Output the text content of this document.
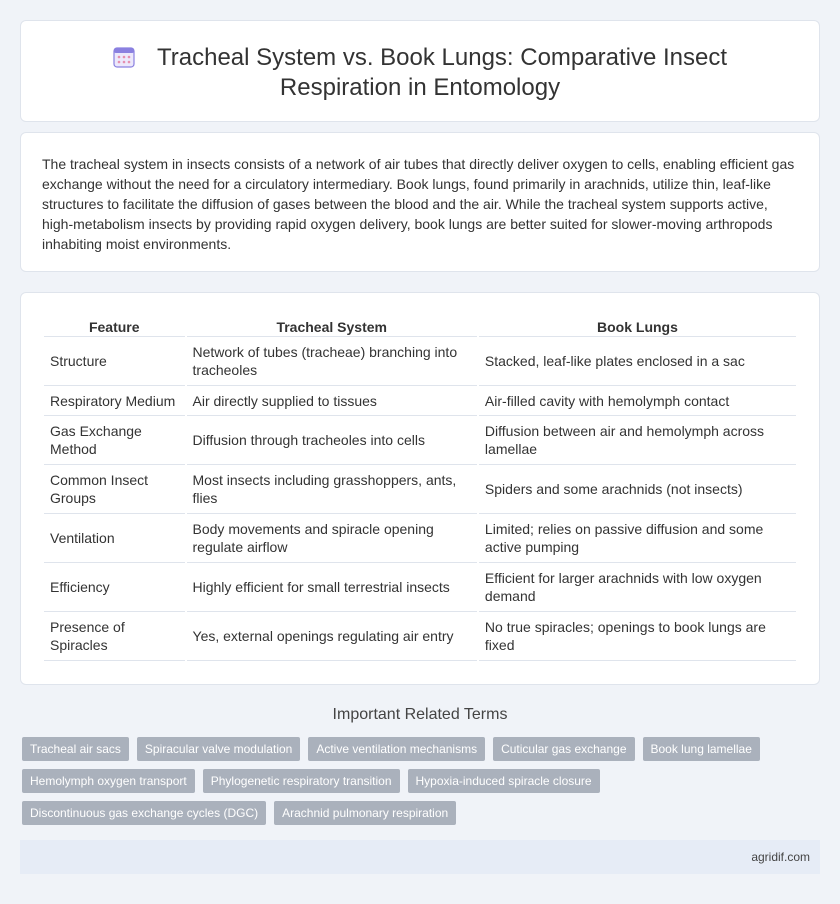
Tracheal System vs. Book Lungs: Comparative Insect Respiration in Entomology

The tracheal system in insects consists of a network of air tubes that directly deliver oxygen to cells, enabling efficient gas exchange without the need for a circulatory intermediary. Book lungs, found primarily in arachnids, utilize thin, leaf-like structures to facilitate the diffusion of gases between the blood and the air. While the tracheal system supports active, high-metabolism insects by providing rapid oxygen delivery, book lungs are better suited for slower-moving arthropods inhabiting moist environments.

Feature	Tracheal System	Book Lungs
Structure	Network of tubes (tracheae) branching into tracheoles	Stacked, leaf-like plates enclosed in a sac
Respiratory Medium	Air directly supplied to tissues	Air-filled cavity with hemolymph contact
Gas Exchange Method	Diffusion through tracheoles into cells	Diffusion between air and hemolymph across lamellae
Common Insect Groups	Most insects including grasshoppers, ants, flies	Spiders and some arachnids (not insects)
Ventilation	Body movements and spiracle opening regulate airflow	Limited; relies on passive diffusion and some active pumping
Efficiency	Highly efficient for small terrestrial insects	Efficient for larger arachnids with low oxygen demand
Presence of Spiracles	Yes, external openings regulating air entry	No true spiracles; openings to book lungs are fixed
Important Related Terms
Tracheal air sacs	Spiracular valve modulation	Active ventilation mechanisms	Cuticular gas exchange	Book lung lamellae
Hemolymph oxygen transport	Phylogenetic respiratory transition	Hypoxia-induced spiracle closure
Discontinuous gas exchange cycles (DGC)	Arachnid pulmonary respiration
agridif.com
